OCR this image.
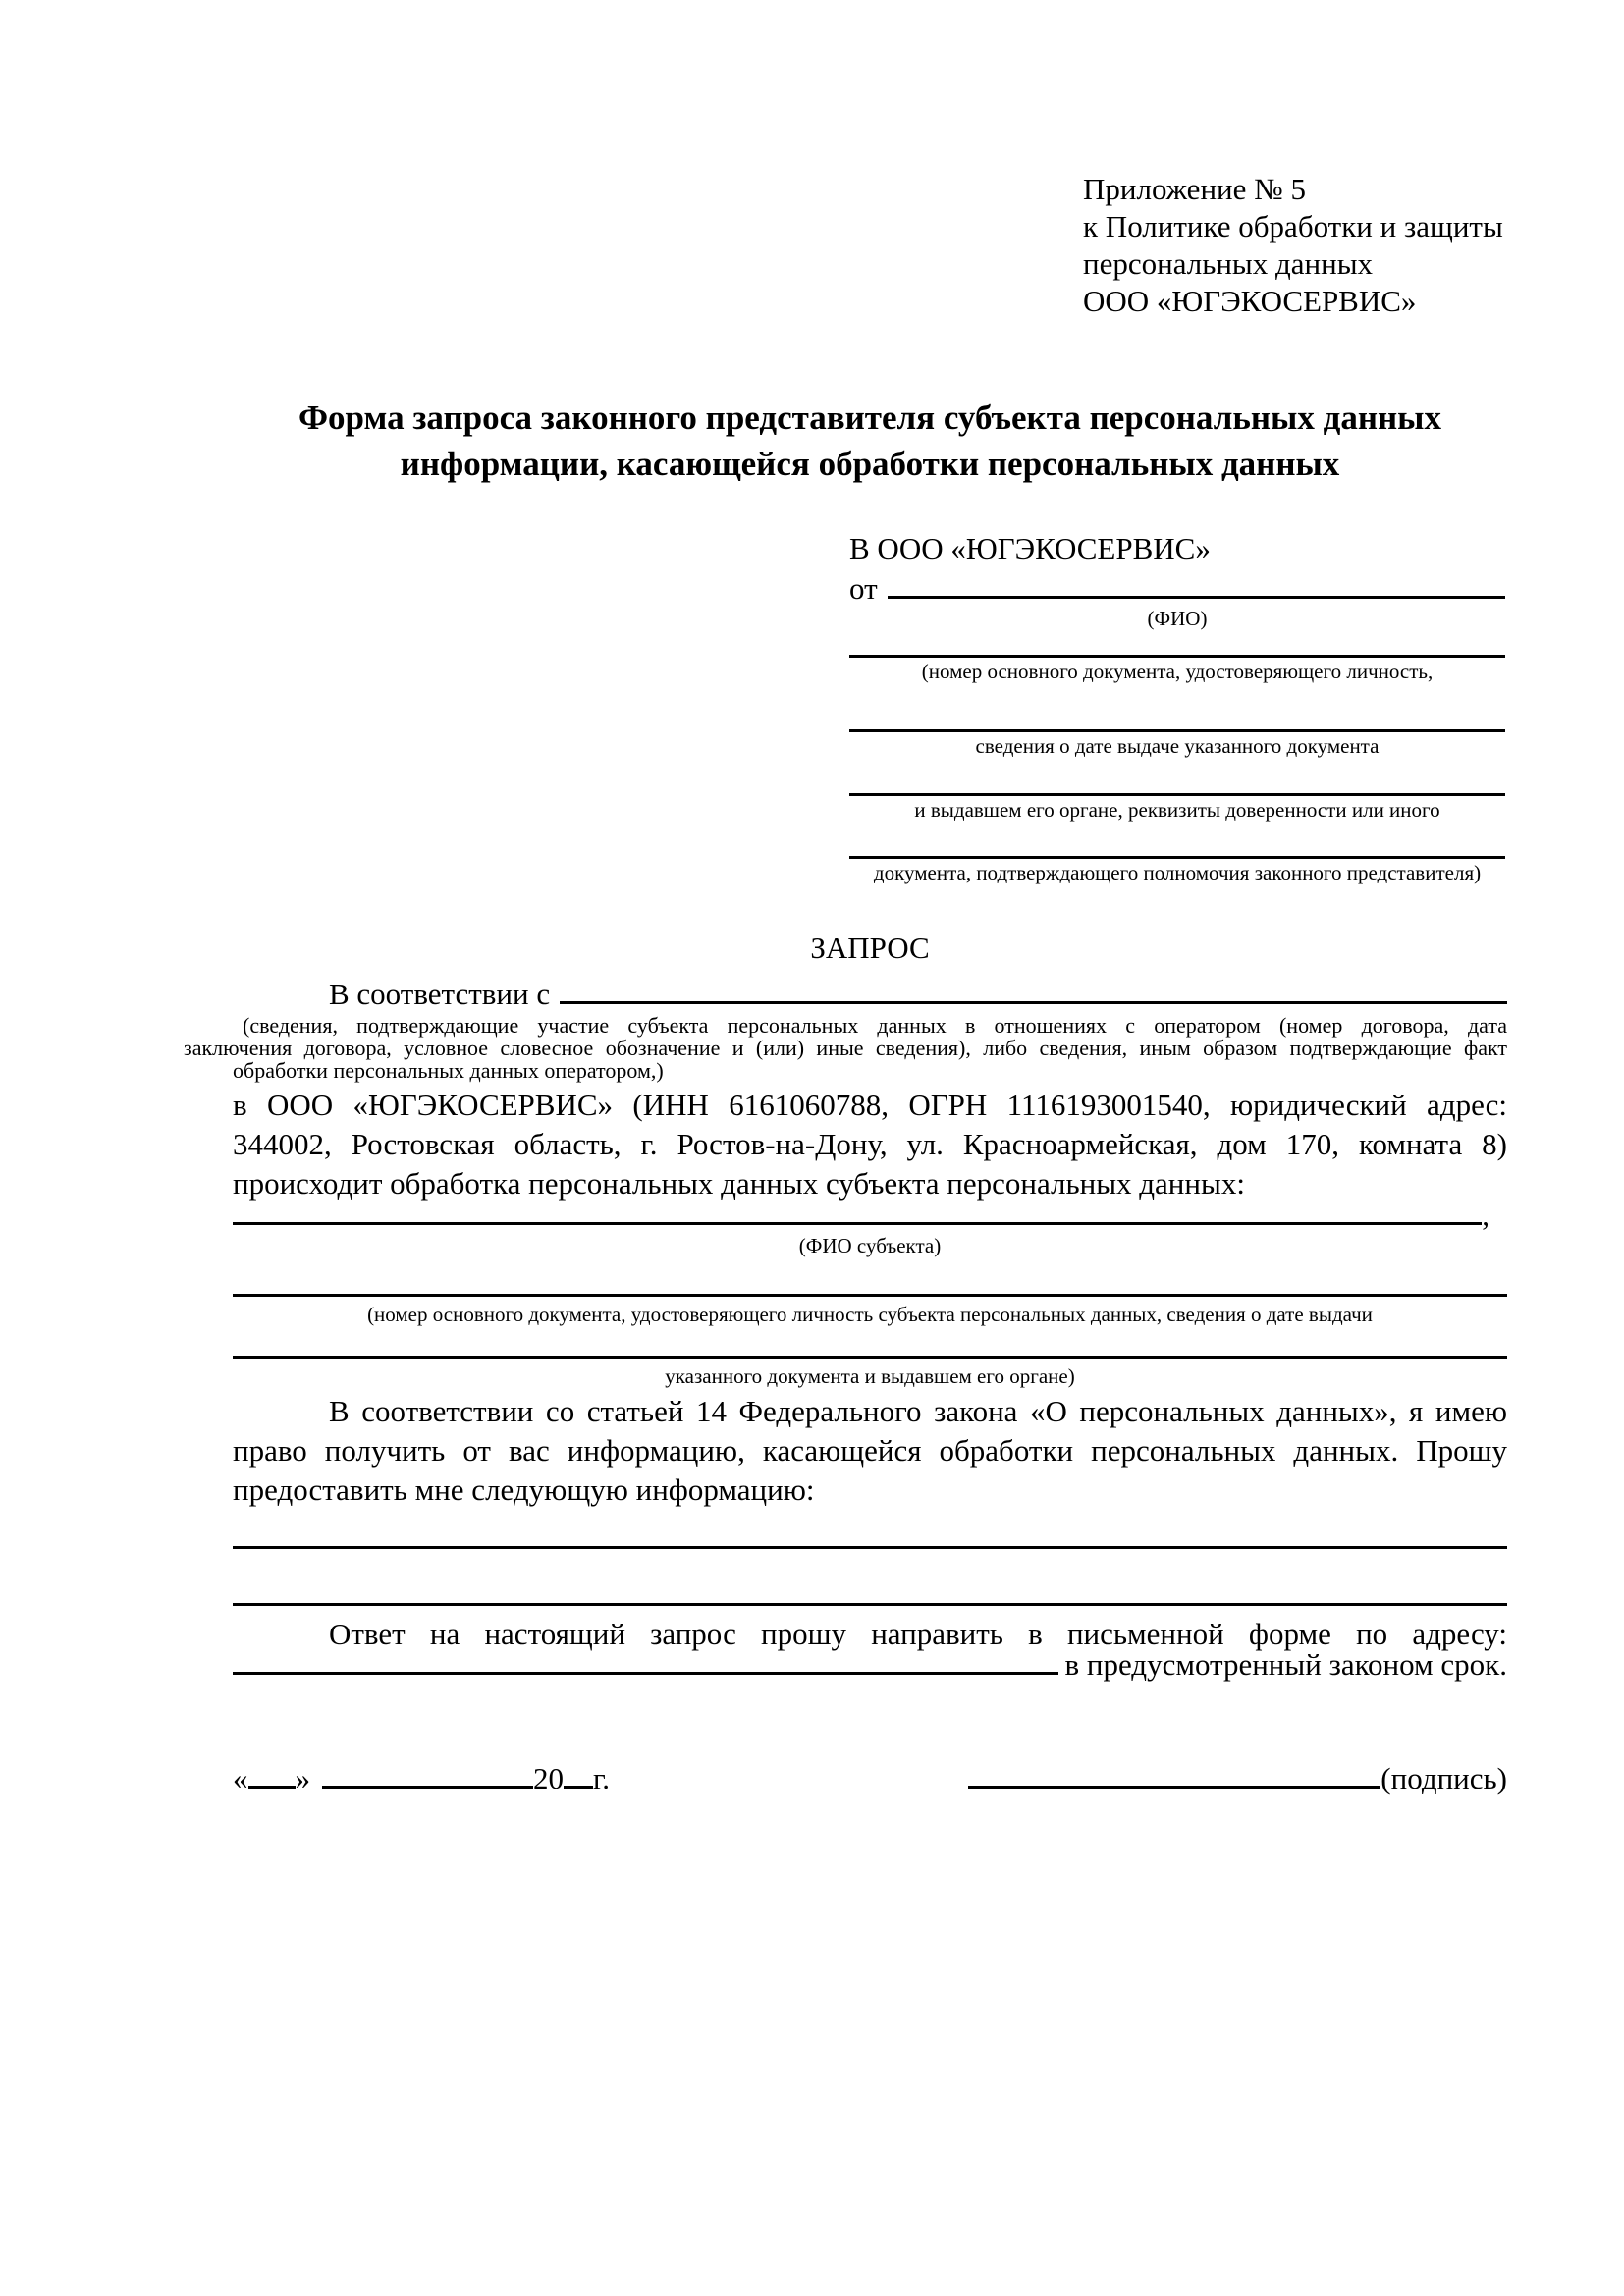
Приложение № 5
к Политике обработки и защиты
персональных данных
ООО «ЮГЭКОСЕРВИС»
Форма запроса законного представителя субъекта персональных данных
информации, касающейся обработки персональных данных
В ООО «ЮГЭКОСЕРВИС»
от
(ФИО)
(номер основного документа, удостоверяющего личность,
сведения о дате выдаче указанного документа
и выдавшем его органе, реквизиты доверенности или иного
документа, подтверждающего полномочия законного представителя)
ЗАПРОС
В соответствии с
(сведения, подтверждающие участие субъекта персональных данных в отношениях с оператором (номер договора, дата
заключения договора, условное словесное обозначение и (или) иные сведения), либо сведения, иным образом подтверждающие факт
обработки персональных данных оператором,)
в ООО «ЮГЭКОСЕРВИС» (ИНН 6161060788, ОГРН 1116193001540, юридический адрес:
344002, Ростовская область, г. Ростов-на-Дону, ул. Красноармейская, дом 170, комната 8)
происходит обработка персональных данных субъекта персональных данных:
,
(ФИО субъекта)
(номер основного документа, удостоверяющего личность субъекта персональных данных, сведения о дате выдачи
указанного документа и выдавшем его органе)
В соответствии со статьей 14 Федерального закона «О персональных данных», я имею
право получить от вас информацию, касающейся обработки персональных данных. Прошу
предоставить мне следующую информацию:
Ответ на настоящий запрос прошу направить в письменной форме по адресу:
в предусмотренный законом срок.
« »	20 г.	(подпись)
